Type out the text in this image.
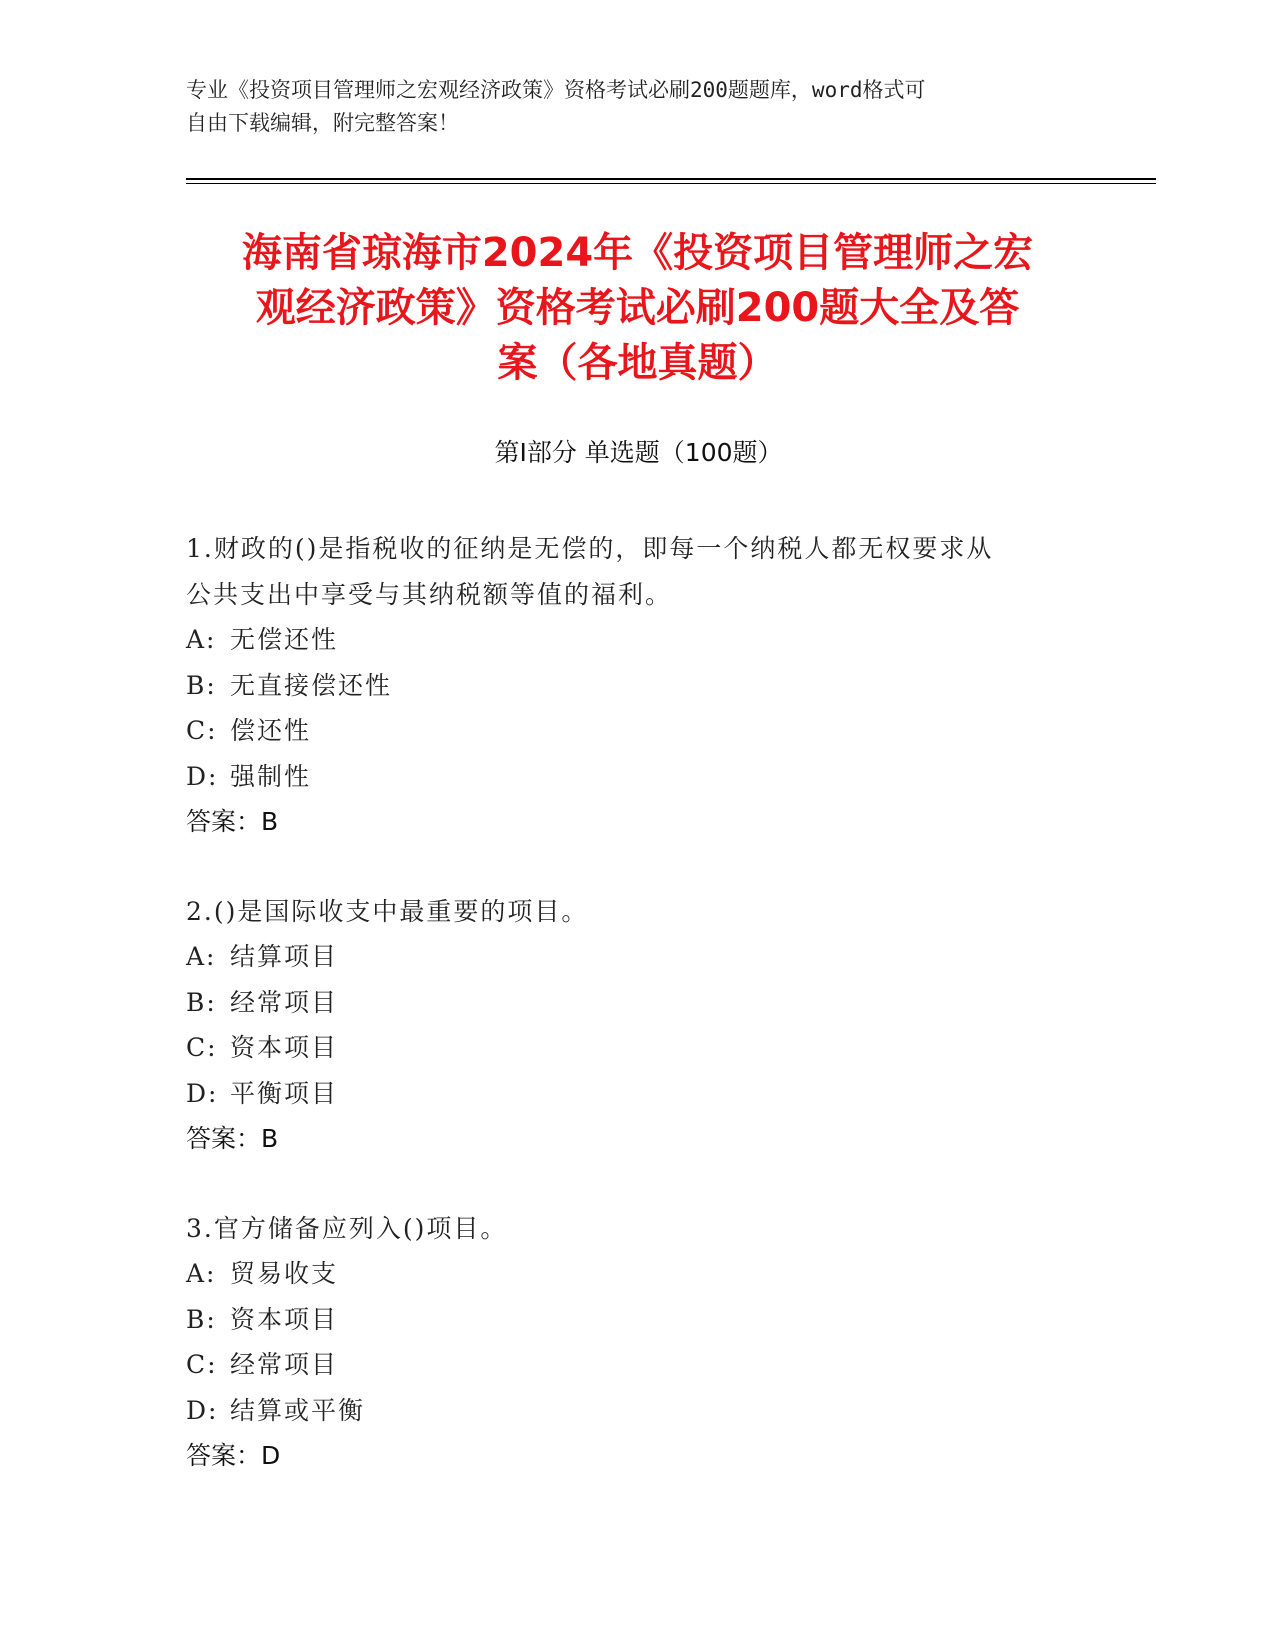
专业《投资项目管理师之宏观经济政策》资格考试必刷200题题库，word格式可
自由下载编辑，附完整答案！
海南省琼海市2024年《投资项目管理师之宏
观经济政策》资格考试必刷200题大全及答
案（各地真题）
第Ⅰ部分 单选题（100题）
1.财政的()是指税收的征纳是无偿的，即每一个纳税人都无权要求从
公共支出中享受与其纳税额等值的福利。
A: 无偿还性
B: 无直接偿还性
C: 偿还性
D: 强制性
答案：B
2.()是国际收支中最重要的项目。
A: 结算项目
B: 经常项目
C: 资本项目
D: 平衡项目
答案：B
3.官方储备应列入()项目。
A: 贸易收支
B: 资本项目
C: 经常项目
D: 结算或平衡
答案：D
